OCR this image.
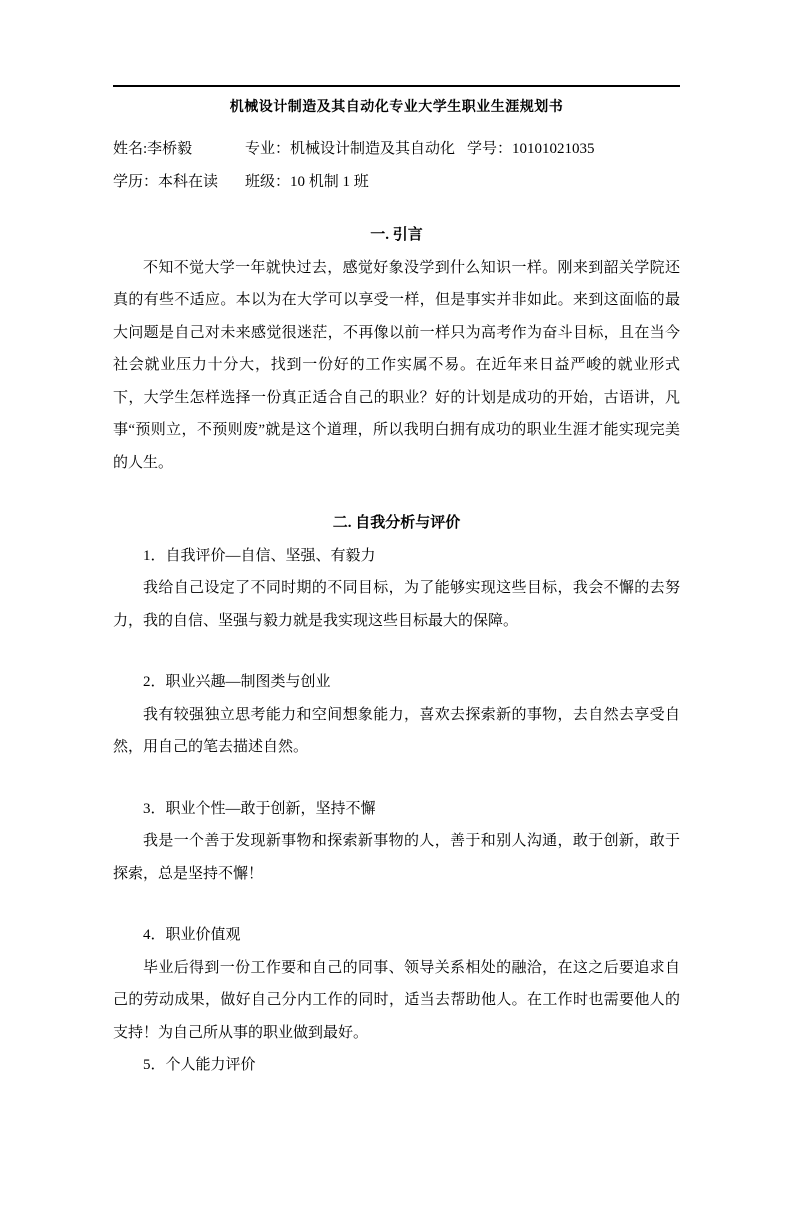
机械设计制造及其自动化专业大学生职业生涯规划书
姓名:李桥毅	专业：机械设计制造及其自动化 学号：10101021035
学历：本科在读 班级：10 机制 1 班
一. 引言

不知不觉大学一年就快过去，感觉好象没学到什么知识一样。刚来到韶关学院还真的有些不适应。本以为在大学可以享受一样，但是事实并非如此。来到这面临的最大问题是自己对未来感觉很迷茫，不再像以前一样只为高考作为奋斗目标，且在当今社会就业压力十分大，找到一份好的工作实属不易。在近年来日益严峻的就业形式下，大学生怎样选择一份真正适合自己的职业？好的计划是成功的开始，古语讲，凡事“预则立，不预则废”就是这个道理，所以我明白拥有成功的职业生涯才能实现完美的人生。

二. 自我分析与评价
1．自我评价—自信、坚强、有毅力

我给自己设定了不同时期的不同目标，为了能够实现这些目标，我会不懈的去努力，我的自信、坚强与毅力就是我实现这些目标最大的保障。

2．职业兴趣—制图类与创业

我有较强独立思考能力和空间想象能力，喜欢去探索新的事物，去自然去享受自然，用自己的笔去描述自然。

3．职业个性—敢于创新，坚持不懈

我是一个善于发现新事物和探索新事物的人，善于和别人沟通，敢于创新，敢于探索，总是坚持不懈！

4．职业价值观

毕业后得到一份工作要和自己的同事、领导关系相处的融洽，在这之后要追求自己的劳动成果，做好自己分内工作的同时，适当去帮助他人。在工作时也需要他人的支持！为自己所从事的职业做到最好。

5．个人能力评价
